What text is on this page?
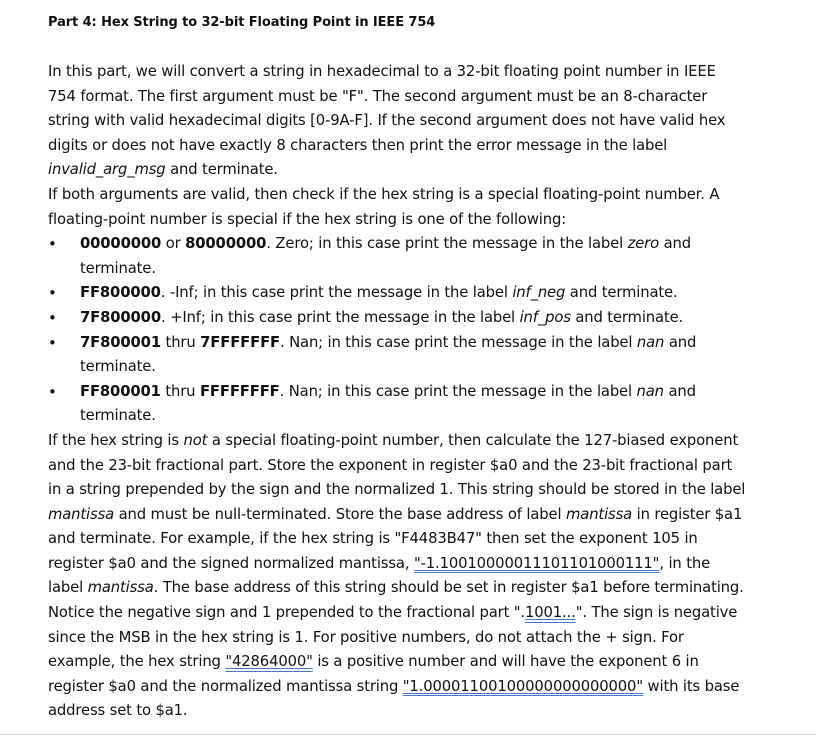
Part 4: Hex String to 32-bit Floating Point in IEEE 754

In this part, we will convert a string in hexadecimal to a 32-bit floating point number in IEEE 754 format. The first argument must be "F". The second argument must be an 8-character string with valid hexadecimal digits [0-9A-F]. If the second argument does not have valid hex digits or does not have exactly 8 characters then print the error message in the label invalid_arg_msg and terminate.

If both arguments are valid, then check if the hex string is a special floating-point number. A floating-point number is special if the hex string is one of the following:

• 00000000 or 80000000. Zero; in this case print the message in the label zero and terminate.
• FF800000. -Inf; in this case print the message in the label inf_neg and terminate.
• 7F800000. +Inf; in this case print the message in the label inf_pos and terminate.
• 7F800001 thru 7FFFFFFF. Nan; in this case print the message in the label nan and terminate.
• FF800001 thru FFFFFFFF. Nan; in this case print the message in the label nan and terminate.

If the hex string is not a special floating-point number, then calculate the 127-biased exponent and the 23-bit fractional part. Store the exponent in register $a0 and the 23-bit fractional part in a string prepended by the sign and the normalized 1. This string should be stored in the label mantissa and must be null-terminated. Store the base address of label mantissa in register $a1 and terminate. For example, if the hex string is "F4483B47" then set the exponent 105 in register $a0 and the signed normalized mantissa, "-1.10010000011101101000111", in the label mantissa. The base address of this string should be set in register $a1 before terminating. Notice the negative sign and 1 prepended to the fractional part ".1001...". The sign is negative since the MSB in the hex string is 1. For positive numbers, do not attach the + sign. For example, the hex string "42864000" is a positive number and will have the exponent 6 in register $a0 and the normalized mantissa string "1.00001100100000000000000" with its base address set to $a1.
